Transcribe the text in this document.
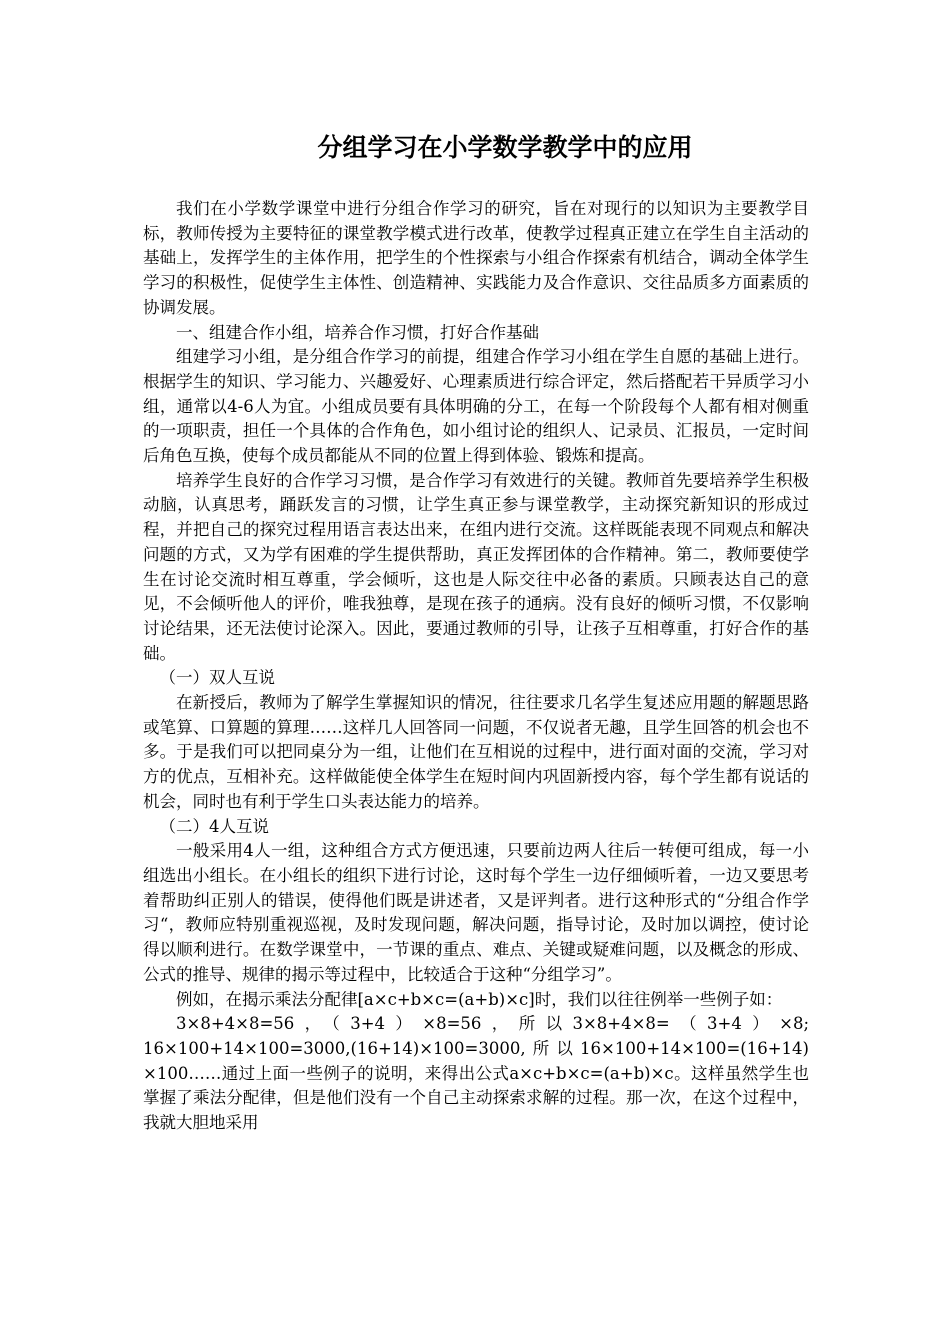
分组学习在小学数学教学中的应用

我们在小学数学课堂中进行分组合作学习的研究，旨在对现行的以知识为主要教学目标，教师传授为主要特征的课堂教学模式进行改革，使教学过程真正建立在学生自主活动的基础上，发挥学生的主体作用，把学生的个性探索与小组合作探索有机结合，调动全体学生学习的积极性，促使学生主体性、创造精神、实践能力及合作意识、交往品质多方面素质的协调发展。

一、组建合作小组，培养合作习惯，打好合作基础

组建学习小组，是分组合作学习的前提，组建合作学习小组在学生自愿的基础上进行。根据学生的知识、学习能力、兴趣爱好、心理素质进行综合评定，然后搭配若干异质学习小组，通常以4-6人为宜。小组成员要有具体明确的分工，在每一个阶段每个人都有相对侧重的一项职责，担任一个具体的合作角色，如小组讨论的组织人、记录员、汇报员，一定时间后角色互换，使每个成员都能从不同的位置上得到体验、锻炼和提高。

培养学生良好的合作学习习惯，是合作学习有效进行的关键。教师首先要培养学生积极动脑，认真思考，踊跃发言的习惯，让学生真正参与课堂教学，主动探究新知识的形成过程，并把自己的探究过程用语言表达出来，在组内进行交流。这样既能表现不同观点和解决问题的方式，又为学有困难的学生提供帮助，真正发挥团体的合作精神。第二，教师要使学生在讨论交流时相互尊重，学会倾听，这也是人际交往中必备的素质。只顾表达自己的意见，不会倾听他人的评价，唯我独尊，是现在孩子的通病。没有良好的倾听习惯，不仅影响讨论结果，还无法使讨论深入。因此，要通过教师的引导，让孩子互相尊重，打好合作的基础。

（一）双人互说

在新授后，教师为了解学生掌握知识的情况，往往要求几名学生复述应用题的解题思路或笔算、口算题的算理……这样几人回答同一问题，不仅说者无趣，且学生回答的机会也不多。于是我们可以把同桌分为一组，让他们在互相说的过程中，进行面对面的交流，学习对方的优点，互相补充。这样做能使全体学生在短时间内巩固新授内容，每个学生都有说话的机会，同时也有利于学生口头表达能力的培养。

（二）4人互说

一般采用4人一组，这种组合方式方便迅速，只要前边两人往后一转便可组成，每一小组选出小组长。在小组长的组织下进行讨论，这时每个学生一边仔细倾听着，一边又要思考着帮助纠正别人的错误，使得他们既是讲述者，又是评判者。进行这种形式的“分组合作学习“，教师应特别重视巡视，及时发现问题，解决问题，指导讨论，及时加以调控，使讨论得以顺利进行。在数学课堂中，一节课的重点、难点、关键或疑难问题，以及概念的形成、公式的推导、规律的揭示等过程中，比较适合于这种“分组学习”。

例如，在揭示乘法分配律[a×c+b×c=(a+b)×c]时，我们以往往例举一些例子如：

3×8+4×8=56，（3+4）×8=56，所以3×8+4×8=（3+4）×8; 16×100+14×100=3000,(16+14)×100=3000,所以16×100+14×100=(16+14) ×100……通过上面一些例子的说明，来得出公式a×c+b×c=(a+b)×c。这样虽然学生也掌握了乘法分配律，但是他们没有一个自己主动探索求解的过程。那一次，在这个过程中，我就大胆地采用
